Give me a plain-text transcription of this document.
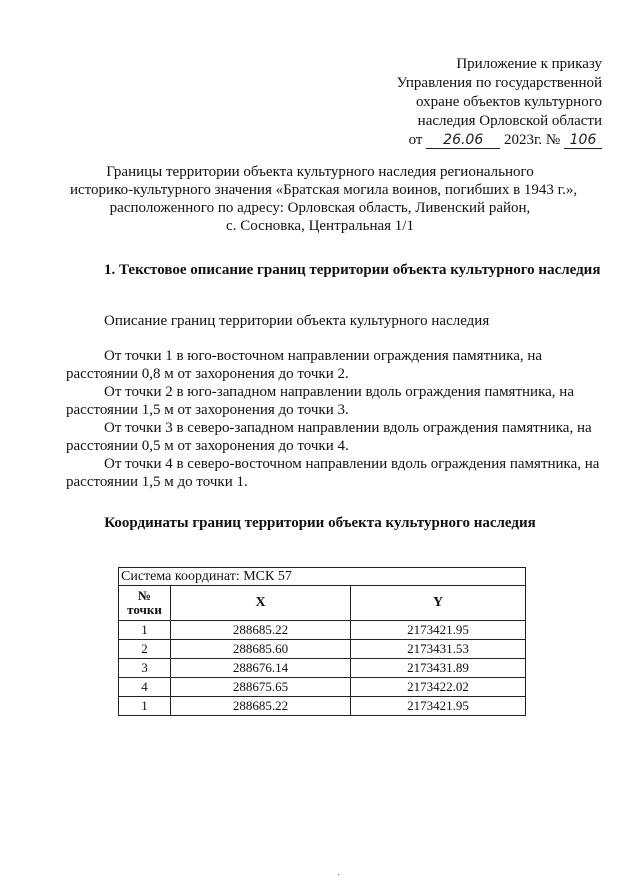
Приложение к приказу
Управления по государственной
охране объектов культурного
наследия Орловской области
от 26.06 2023г. № 106
Границы территории объекта культурного наследия регионального
историко-культурного значения «Братская могила воинов, погибших в 1943 г.»,
расположенного по адресу: Орловская область, Ливенский район,
с. Сосновка, Центральная 1/1
1. Текстовое описание границ территории объекта культурного наследия
Описание границ территории объекта культурного наследия

От точки 1 в юго-восточном направлении ограждения памятника, на расстоянии 0,8 м от захоронения до точки 2.

От точки 2 в юго-западном направлении вдоль ограждения памятника, на расстоянии 1,5 м от захоронения до точки 3.

От точки 3 в северо-западном направлении вдоль ограждения памятника, на расстоянии 0,5 м от захоронения до точки 4.

От точки 4 в северо-восточном направлении вдоль ограждения памятника, на расстоянии 1,5 м до точки 1.

Координаты границ территории объекта культурного наследия
Система координат: МСК 57		

№
точки	X	Y
1	288685.22	2173421.95
2	288685.60	2173431.53
3	288676.14	2173431.89
4	288675.65	2173422.02
1	288685.22	2173421.95
·
